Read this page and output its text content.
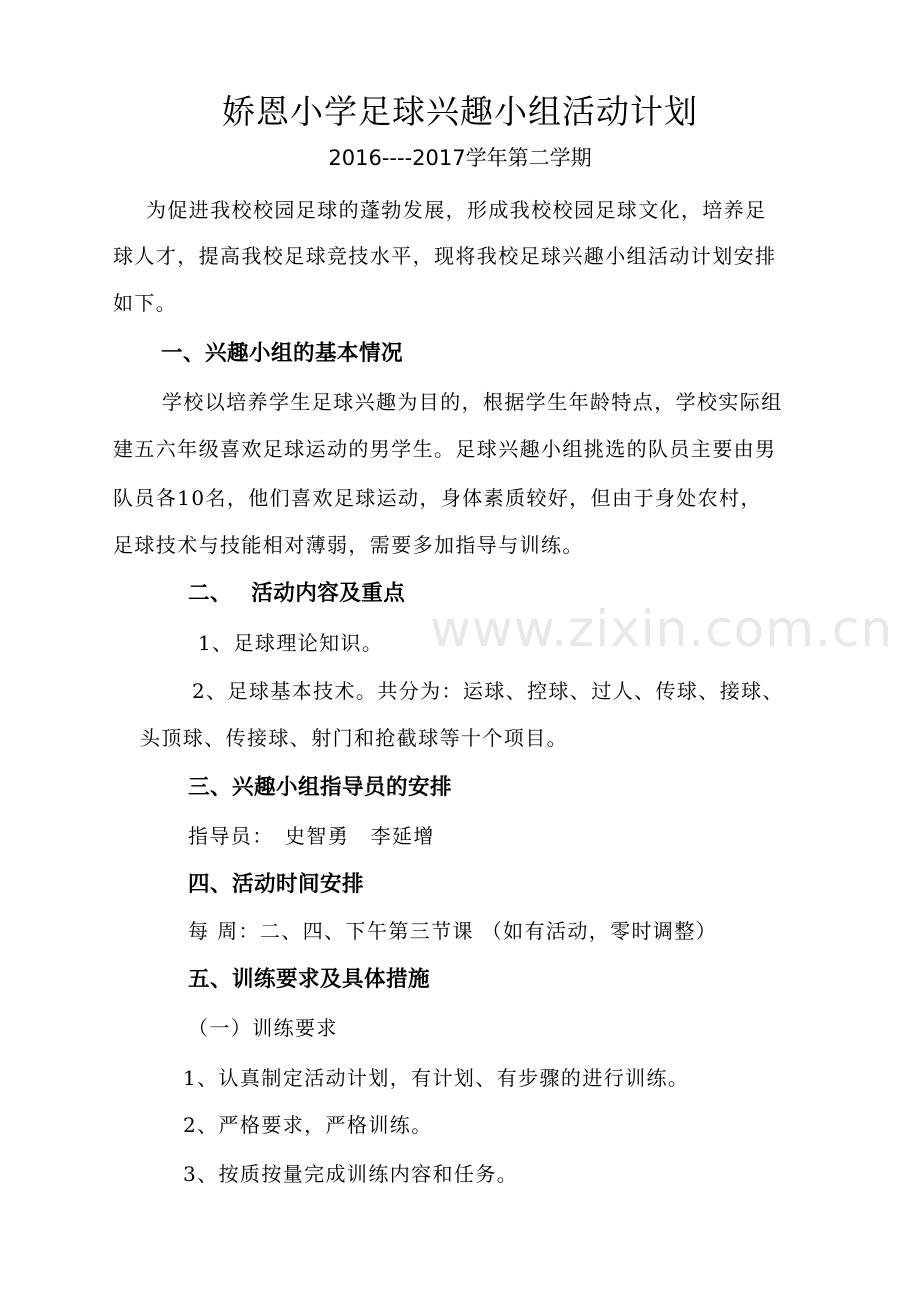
娇恩小学足球兴趣小组活动计划
2016----2017学年第二学期
为促进我校校园足球的蓬勃发展，形成我校校园足球文化，培养足
球人才，提高我校足球竞技水平，现将我校足球兴趣小组活动计划安排
如下。
一、兴趣小组的基本情况
学校以培养学生足球兴趣为目的，根据学生年龄特点，学校实际组
建五六年级喜欢足球运动的男学生。足球兴趣小组挑选的队员主要由男
队员各10名，他们喜欢足球运动，身体素质较好，但由于身处农村，
足球技术与技能相对薄弱，需要多加指导与训练。
二、　 活动内容及重点
1、足球理论知识。
2、足球基本技术。共分为：运球、控球、过人、传球、接球、
头顶球、传接球、射门和抢截球等十个项目。
三、兴趣小组指导员的安排
指导员：　史智勇　李延增
四、活动时间安排
每 周：二、四、下午第三节课 （如有活动，零时调整）
五、训练要求及具体措施
（一）训练要求
1、认真制定活动计划，有计划、有步骤的进行训练。
2、严格要求，严格训练。
3、按质按量完成训练内容和任务。
www.zixin.com.cn
